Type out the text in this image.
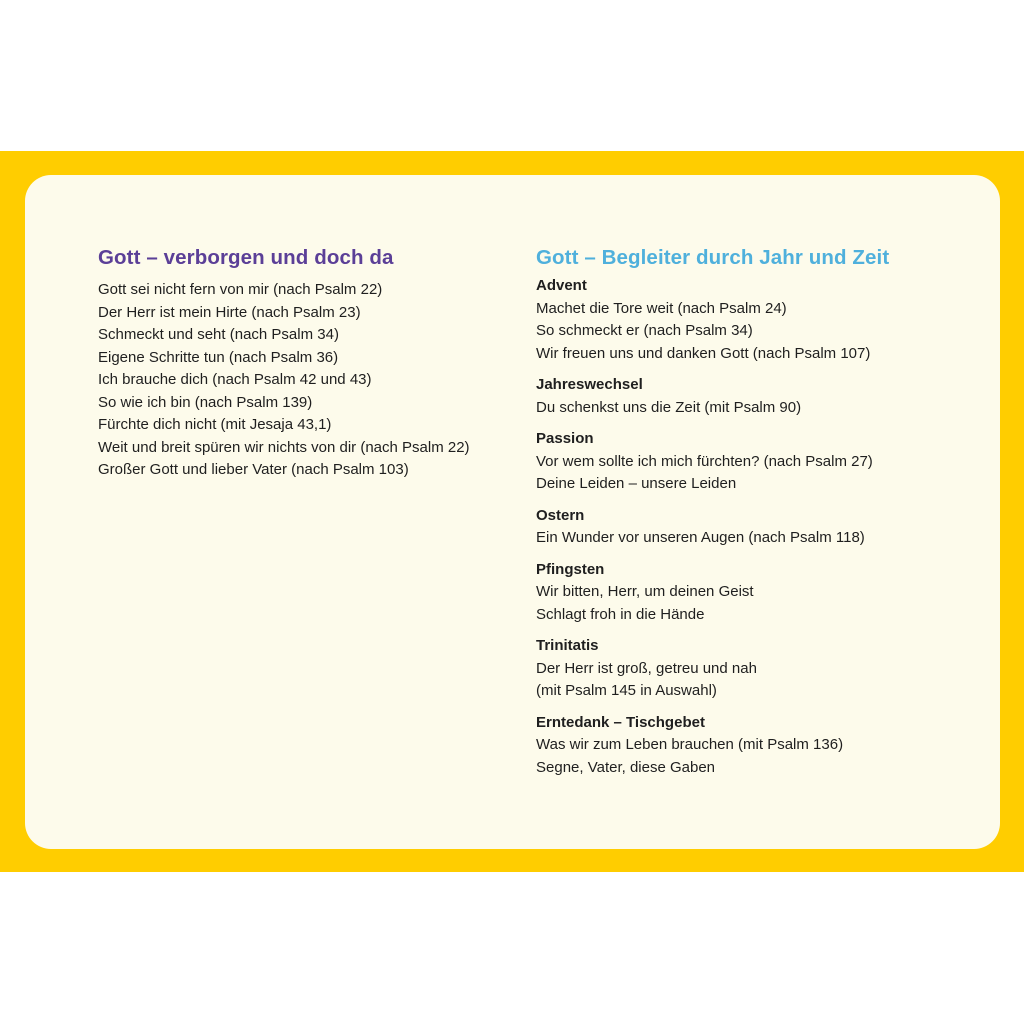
Gott – verborgen und doch da
Gott sei nicht fern von mir (nach Psalm 22)
Der Herr ist mein Hirte (nach Psalm 23)
Schmeckt und seht (nach Psalm 34)
Eigene Schritte tun (nach Psalm 36)
Ich brauche dich (nach Psalm 42 und 43)
So wie ich bin (nach Psalm 139)
Fürchte dich nicht (mit Jesaja 43,1)
Weit und breit spüren wir nichts von dir (nach Psalm 22)
Großer Gott und lieber Vater (nach Psalm 103)
Gott – Begleiter durch Jahr und Zeit
Advent
Machet die Tore weit (nach Psalm 24)
So schmeckt er (nach Psalm 34)
Wir freuen uns und danken Gott (nach Psalm 107)
Jahreswechsel
Du schenkst uns die Zeit (mit Psalm 90)
Passion
Vor wem sollte ich mich fürchten? (nach Psalm 27)
Deine Leiden – unsere Leiden
Ostern
Ein Wunder vor unseren Augen (nach Psalm 118)
Pfingsten
Wir bitten, Herr, um deinen Geist
Schlagt froh in die Hände
Trinitatis
Der Herr ist groß, getreu und nah
(mit Psalm 145 in Auswahl)
Erntedank – Tischgebet
Was wir zum Leben brauchen (mit Psalm 136)
Segne, Vater, diese Gaben
